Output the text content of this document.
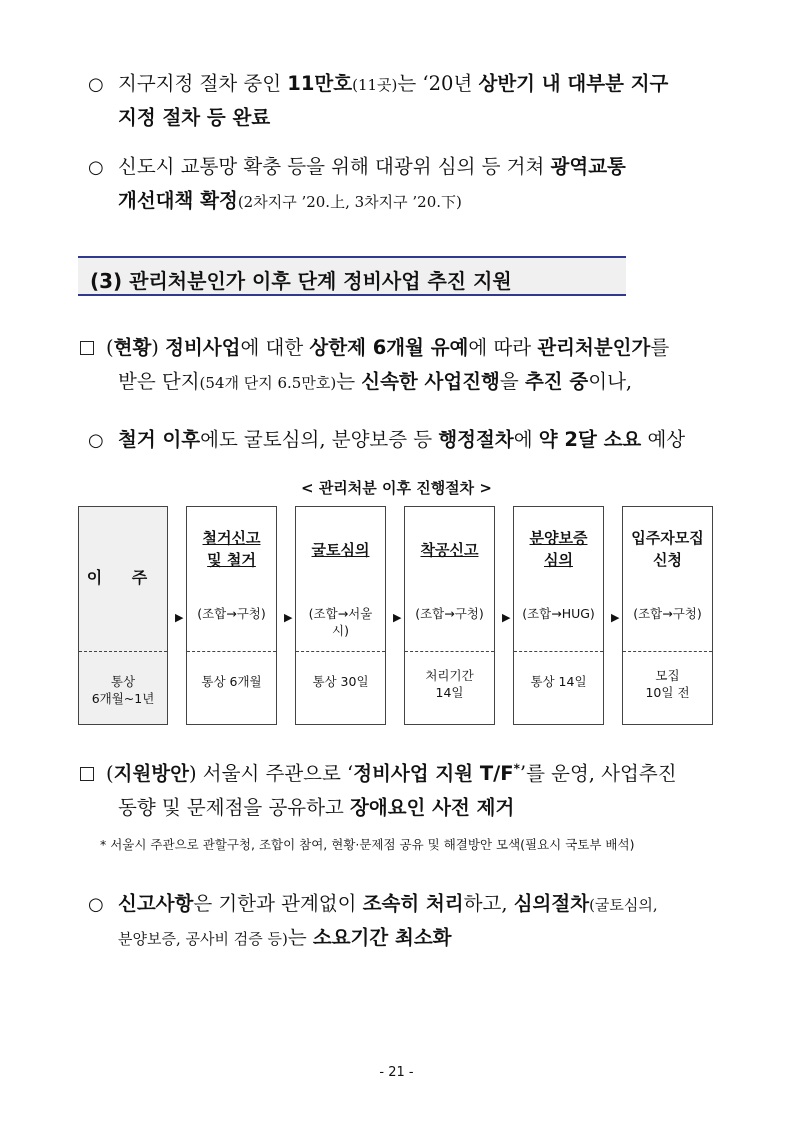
○ 지구지정 절차 중인 11만호(11곳)는 ‘20년 상반기 내 대부분 지구
지정 절차 등 완료
○ 신도시 교통망 확충 등을 위해 대광위 심의 등 거쳐 광역교통
개선대책 확정(2차지구 ’20.上, 3차지구 ’20.下)
(3) 관리처분인가 이후 단계 정비사업 추진 지원
(현황) 정비사업에 대한 상한제 6개월 유예에 따라 관리처분인가를
받은 단지(54개 단지 6.5만호)는 신속한 사업진행을 추진 중이나,
○ 철거 이후에도 굴토심의, 분양보증 등 행정절차에 약 2달 소요 예상
< 관리처분 이후 진행절차 >
이 주
통상
6개월~1년
▶
철거신고
및 철거
(조합→구청)
통상 6개월
▶
굴토심의
(조합→서울
시)
통상 30일
▶
착공신고
(조합→구청)
처리기간
14일
▶
분양보증
심의
(조합→HUG)
통상 14일
▶
입주자모집
신청
(조합→구청)
모집
10일 전
(지원방안) 서울시 주관으로 ‘정비사업 지원 T/F*’를 운영, 사업추진
동향 및 문제점을 공유하고 장애요인 사전 제거
* 서울시 주관으로 관할구청, 조합이 참여, 현황·문제점 공유 및 해결방안 모색(필요시 국토부 배석)
○ 신고사항은 기한과 관계없이 조속히 처리하고, 심의절차(굴토심의,
분양보증, 공사비 검증 등)는 소요기간 최소화
- 21 -
